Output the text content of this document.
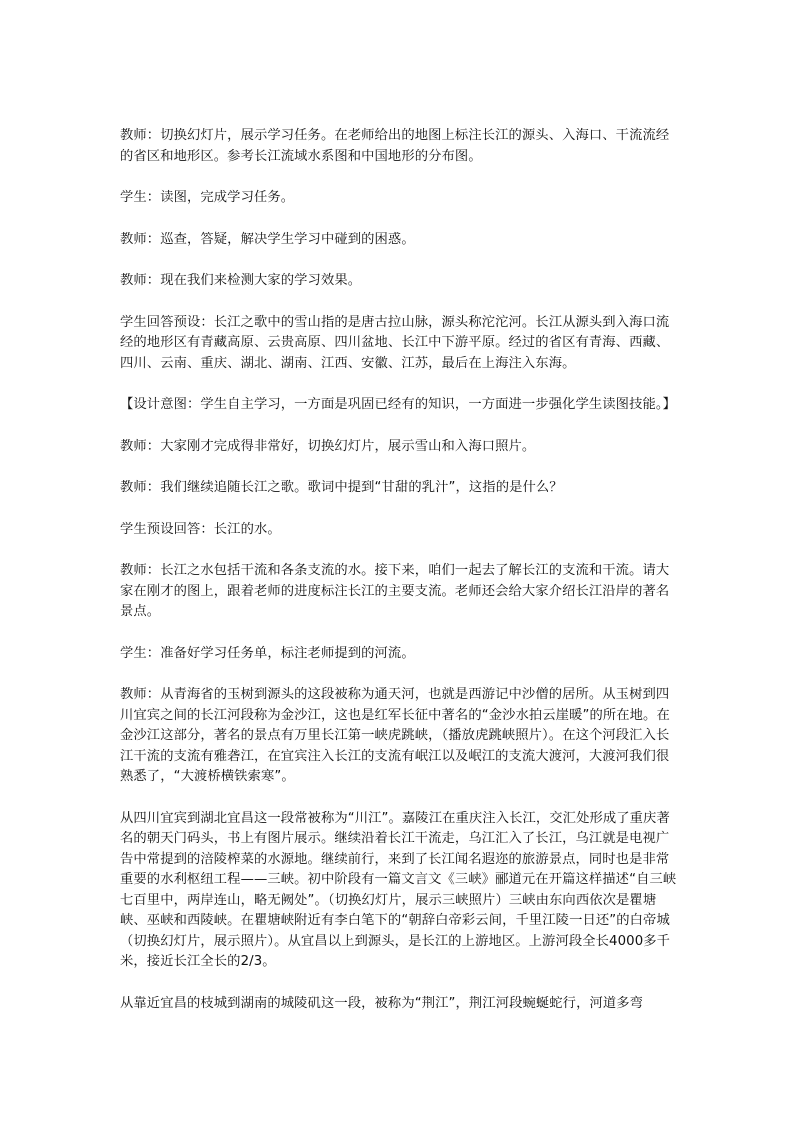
教师：切换幻灯片，展示学习任务。在老师给出的地图上标注长江的源头、入海口、干流流经的省区和地形区。参考长江流域水系图和中国地形的分布图。

学生：读图，完成学习任务。

教师：巡查，答疑，解决学生学习中碰到的困惑。

教师：现在我们来检测大家的学习效果。

学生回答预设：长江之歌中的雪山指的是唐古拉山脉，源头称沱沱河。长江从源头到入海口流经的地形区有青藏高原、云贵高原、四川盆地、长江中下游平原。经过的省区有青海、西藏、四川、云南、重庆、湖北、湖南、江西、安徽、江苏，最后在上海注入东海。

【设计意图：学生自主学习，一方面是巩固已经有的知识，一方面进一步强化学生读图技能。】

教师：大家刚才完成得非常好，切换幻灯片，展示雪山和入海口照片。

教师：我们继续追随长江之歌。歌词中提到“甘甜的乳汁”，这指的是什么？

学生预设回答：长江的水。

教师：长江之水包括干流和各条支流的水。接下来，咱们一起去了解长江的支流和干流。请大家在刚才的图上，跟着老师的进度标注长江的主要支流。老师还会给大家介绍长江沿岸的著名景点。

学生：准备好学习任务单，标注老师提到的河流。

教师：从青海省的玉树到源头的这段被称为通天河，也就是西游记中沙僧的居所。从玉树到四川宜宾之间的长江河段称为金沙江，这也是红军长征中著名的“金沙水拍云崖暖”的所在地。在金沙江这部分，著名的景点有万里长江第一峡虎跳峡，（播放虎跳峡照片）。在这个河段汇入长江干流的支流有雅砻江，在宜宾注入长江的支流有岷江以及岷江的支流大渡河，大渡河我们很熟悉了，“大渡桥横铁索寒”。

从四川宜宾到湖北宜昌这一段常被称为“川江”。嘉陵江在重庆注入长江，交汇处形成了重庆著名的朝天门码头，书上有图片展示。继续沿着长江干流走，乌江汇入了长江，乌江就是电视广告中常提到的涪陵榨菜的水源地。继续前行，来到了长江闻名遐迩的旅游景点，同时也是非常重要的水利枢纽工程——三峡。初中阶段有一篇文言文《三峡》郦道元在开篇这样描述“自三峡七百里中，两岸连山，略无阙处”。（切换幻灯片，展示三峡照片）三峡由东向西依次是瞿塘峡、巫峡和西陵峡。在瞿塘峡附近有李白笔下的“朝辞白帝彩云间，千里江陵一日还”的白帝城（切换幻灯片，展示照片）。从宜昌以上到源头，是长江的上游地区。上游河段全长4000多千米，接近长江全长的2/3。

从靠近宜昌的枝城到湖南的城陵矶这一段，被称为“荆江”，荆江河段蜿蜒蛇行，河道多弯
